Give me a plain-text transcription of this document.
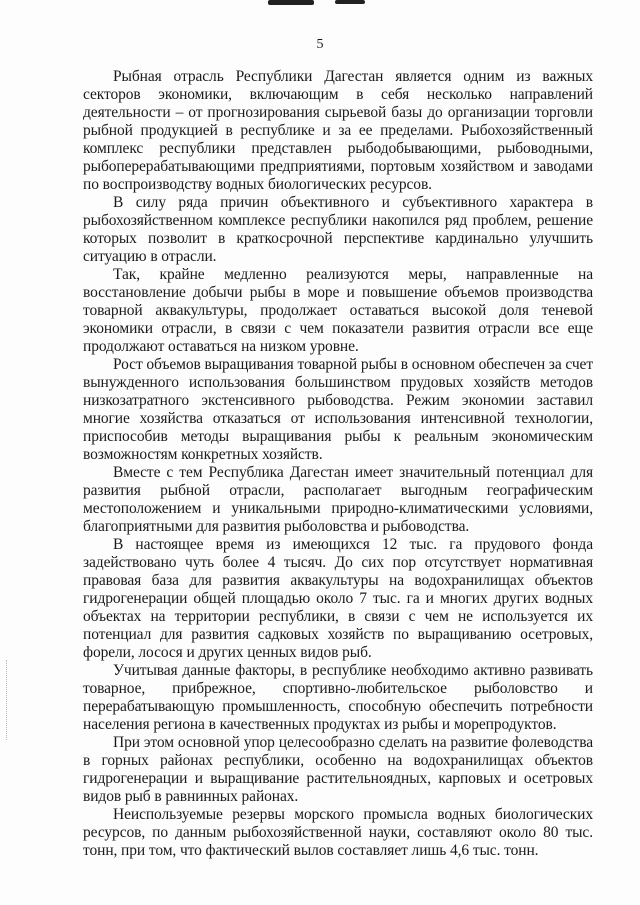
5

Рыбная отрасль Республики Дагестан является одним из важных секторов экономики, включающим в себя несколько направлений деятельности – от прогнозирования сырьевой базы до организации торговли рыбной продукцией в республике и за ее пределами. Рыбохозяйственный комплекс республики представлен рыбодобывающими, рыбоводными, рыбоперерабатывающими предприятиями, портовым хозяйством и заводами по воспроизводству водных биологических ресурсов.

В силу ряда причин объективного и субъективного характера в рыбохозяйственном комплексе республики накопился ряд проблем, решение которых позволит в краткосрочной перспективе кардинально улучшить ситуацию в отрасли.

Так, крайне медленно реализуются меры, направленные на восстановление добычи рыбы в море и повышение объемов производства товарной аквакультуры, продолжает оставаться высокой доля теневой экономики отрасли, в связи с чем показатели развития отрасли все еще продолжают оставаться на низком уровне.

Рост объемов выращивания товарной рыбы в основном обеспечен за счет вынужденного использования большинством прудовых хозяйств методов низкозатратного экстенсивного рыбоводства. Режим экономии заставил многие хозяйства отказаться от использования интенсивной технологии, приспособив методы выращивания рыбы к реальным экономическим возможностям конкретных хозяйств.

Вместе с тем Республика Дагестан имеет значительный потенциал для развития рыбной отрасли, располагает выгодным географическим местоположением и уникальными природно-климатическими условиями, благоприятными для развития рыболовства и рыбоводства.

В настоящее время из имеющихся 12 тыс. га прудового фонда задействовано чуть более 4 тысяч. До сих пор отсутствует нормативная правовая база для развития аквакультуры на водохранилищах объектов гидрогенерации общей площадью около 7 тыс. га и многих других водных объектах на территории республики, в связи с чем не используется их потенциал для развития садковых хозяйств по выращиванию осетровых, форели, лосося и других ценных видов рыб.

Учитывая данные факторы, в республике необходимо активно развивать товарное, прибрежное, спортивно-любительское рыболовство и перерабатывающую промышленность, способную обеспечить потребности населения региона в качественных продуктах из рыбы и морепродуктов.

При этом основной упор целесообразно сделать на развитие фолеводства в горных районах республики, особенно на водохранилищах объектов гидрогенерации и выращивание растительноядных, карповых и осетровых видов рыб в равнинных районах.

Неиспользуемые резервы морского промысла водных биологических ресурсов, по данным рыбохозяйственной науки, составляют около 80 тыс. тонн, при том, что фактический вылов составляет лишь 4,6 тыс. тонн.
